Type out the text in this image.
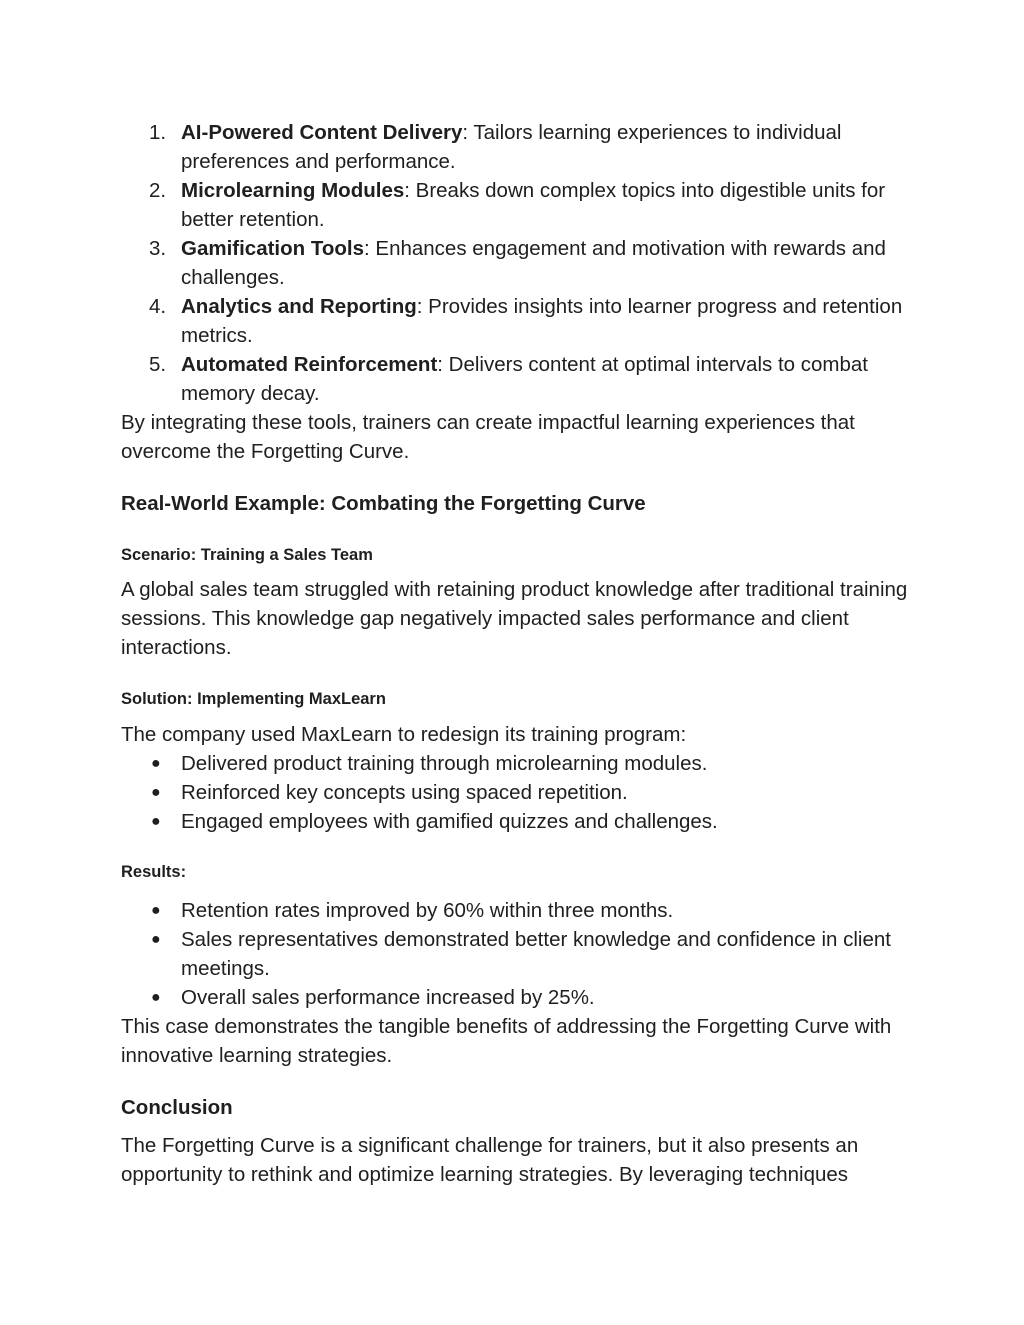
1. AI-Powered Content Delivery: Tailors learning experiences to individual preferences and performance.
2. Microlearning Modules: Breaks down complex topics into digestible units for better retention.
3. Gamification Tools: Enhances engagement and motivation with rewards and challenges.
4. Analytics and Reporting: Provides insights into learner progress and retention metrics.
5. Automated Reinforcement: Delivers content at optimal intervals to combat memory decay.

By integrating these tools, trainers can create impactful learning experiences that overcome the Forgetting Curve.

Real-World Example: Combating the Forgetting Curve
Scenario: Training a Sales Team

A global sales team struggled with retaining product knowledge after traditional training sessions. This knowledge gap negatively impacted sales performance and client interactions.

Solution: Implementing MaxLearn

The company used MaxLearn to redesign its training program:

● Delivered product training through microlearning modules.
● Reinforced key concepts using spaced repetition.
● Engaged employees with gamified quizzes and challenges.
Results:
● Retention rates improved by 60% within three months.
● Sales representatives demonstrated better knowledge and confidence in client meetings.
● Overall sales performance increased by 25%.

This case demonstrates the tangible benefits of addressing the Forgetting Curve with innovative learning strategies.

Conclusion

The Forgetting Curve is a significant challenge for trainers, but it also presents an opportunity to rethink and optimize learning strategies. By leveraging techniques
